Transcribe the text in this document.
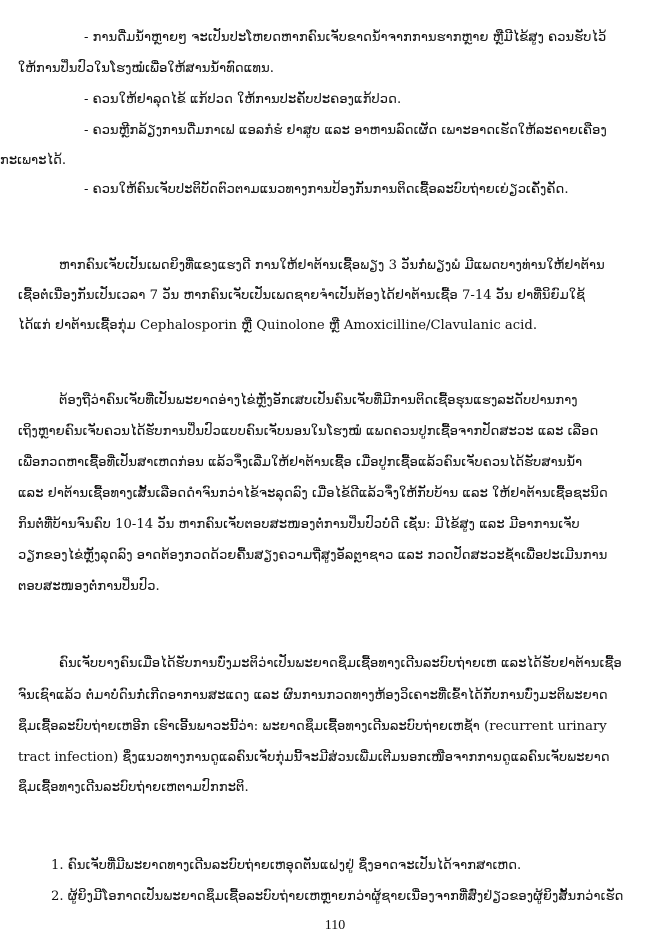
- ການດື່ມນ້ຳຫຼາຍໆ ຈະເປັນປະໂຫຍດຫາກຄົນເຈັບຂາດນ້ຳຈາກການຮາກຫຼາຍ ຫຼືມີໄຂ້ສູງ ຄວນຮັບໄວ້
ໃຫ້ການປິ່ນປົວໃນໂຮງໝໍເພື່ອໃຫ້ສານນ້ຳທົດແທນ.
- ຄວນໃຫ້ຢາລຸດໄຂ້ ແກ້ປວດ ໃຫ້ການປະຄັບປະຄອງແກ້ປວດ.
- ຄວນຫຼີກລ້ຽງການດື່ມກາເຟ ແອລກໍຮໍ ຢາສູບ ແລະ ອາຫານລົດເຜັດ ເພາະອາດເຮັດໃຫ້ລະຄາຍເຄືອງ
ກະເພາະໄດ້.
- ຄວນໃຫ້ຄົນເຈັບປະຕິບັດຕົວຕາມແນວທາງການປ້ອງກັນການຕິດເຊື້ອລະບົບຖ່າຍເຍ່ຽວເຄັ່ງຄັດ.
ຫາກຄົນເຈັບເປັນເພດຍິງທີ່ແຂງແຮງດີ ການໃຫ້ຢາຕ້ານເຊື້ອພຽງ 3 ວັນກໍ່ພຽງພໍ ມີແພດບາງທ່ານໃຫ້ຢາຕ້ານ
ເຊື້ອຕໍ່ເນື່ອງກັນເປັນເວລາ 7 ວັນ ຫາກຄົນເຈັບເປັນເພດຊາຍຈຳເປັນຕ້ອງໄດ້ຢາຕ້ານເຊື້ອ 7-14 ວັນ ຢາທີ່ນິຍົມໃຊ້
ໄດ້ແກ່ ຢາຕ້ານເຊື້ອກຸ່ມ Cephalosporin ຫຼື Quinolone ຫຼື Amoxicilline/Clavulanic acid.
ຕ້ອງຖືວ່າຄົນເຈັບທີ່ເປັນພະຍາດອ່າງໄຂ່ຫຼັງອັກເສບເປັນຄົນເຈັບທີ່ມີການຕິດເຊື້ອຮຸນແຮງລະດັບປານກາງ
ເຖິງຫຼາຍຄົນເຈັບຄວນໄດ້ຮັບການປິ່ນປົວແບບຄົນເຈັບນອນໃນໂຮງໝໍ ແພດຄວນປູກເຊື້ອຈາກປັດສະວະ ແລະ ເລືອດ
ເພື່ອກວດຫາເຊື້ອທີ່ເປັນສາເຫດກ່ອນ ແລ້ວຈຶ່ງເລີ່ມໃຫ້ຢາຕ້ານເຊື້ອ ເມື່ອປູກເຊື້ອແລ້ວຄົນເຈັບຄວນໄດ້ຮັບສານນ້ຳ
ແລະ ຢາຕ້ານເຊື້ອທາງເສັ້ນເລືອດດຳຈົນກວ່າໄຂ້ຈະລຸດລົງ ເມື່ອໄຂ້ດີແລ້ວຈຶ່ງໃຫ້ກັບບ້ານ ແລະ ໃຫ້ຢາຕ້ານເຊື້ອຊະນິດ
ກິນຕໍ່ທີ່ບ້ານຈົນຄົບ 10-14 ວັນ ຫາກຄົນເຈັບຕອບສະໜອງຕໍ່ການປິ່ນປົວບໍ່ດີ ເຊັ່ນ: ມີໄຂ້ສູງ ແລະ ມີອາການເຈັບ
ວຽກຂອງໄຂ່ຫຼັງລຸດລົງ ອາດຕ້ອງກວດດ້ວຍຄື້ນສຽງຄວາມຖີ່ສູງອັລຕຼາຊາວ ແລະ ກວດປັດສະວະຊ້ຳເພື່ອປະເມີນການ
ຕອບສະໜອງຕໍ່ການປິ່ນປົວ.
ຄົນເຈັບບາງຄົນເມື່ອໄດ້ຮັບການບົ່ງມະຕິວ່າເປັນພະຍາດຊຶມເຊື້ອທາງເດີນລະບົບຖ່າຍເຫ ແລະໄດ້ຮັບຢາຕ້ານເຊື້ອ
ຈົນເຊົາແລ້ວ ຕໍ່ມາບໍ່ດົນກໍ່ເກີດອາການສະແດງ ແລະ ຜົນການກວດທາງຫ້ອງວິເຄາະທີ່ເຂົ້າໄດ້ກັບການບົ່ງມະຕິພະຍາດ
ຊຶມເຊື້ອລະບົບຖ່າຍເຫອີກ ເຮົາເອີ້ນພາວະນີ້ວ່າ: ພະຍາດຊຶມເຊື້ອທາງເດີນລະບົບຖ່າຍເຫຊ້ຳ (recurrent urinary
tract infection) ຊຶ່ງແນວທາງການດູແລຄົນເຈັບກຸ່ມນີ້ຈະມີສ່ວນເພີ່ມເຕີມນອກເໜືອຈາກການດູແລຄົນເຈັບພະຍາດ
ຊຶມເຊື້ອທາງເດີນລະບົບຖ່າຍເຫຕາມປົກກະຕິ.
1. ຄົນເຈັບທີ່ມີພະຍາດທາງເດີນລະບົບຖ່າຍເຫອຸດຕັນແຝງຢູ່ ຊຶ່ງອາດຈະເປັນໄດ້ຈາກສາເຫດ.
2. ຜູ້ຍິງມີໂອກາດເປັນພະຍາດຊຶມເຊື້ອລະບົບຖ່າຍເຫຫຼາຍກວ່າຜູ້ຊາຍເນື່ອງຈາກທີ່ສົ່ງຢ່ຽວຂອງຜູ້ຍິງສັ້ນກວ່າເຮັດ
110
